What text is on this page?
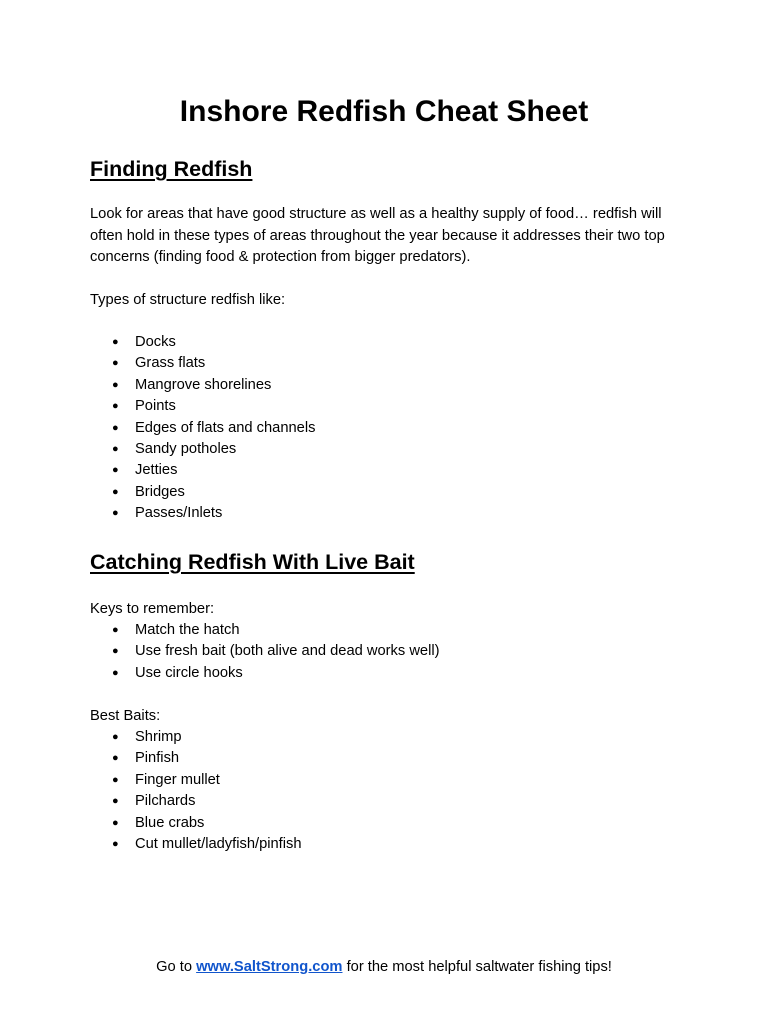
Inshore Redfish Cheat Sheet
Finding Redfish

Look for areas that have good structure as well as a healthy supply of food… redfish will often hold in these types of areas throughout the year because it addresses their two top concerns (finding food & protection from bigger predators).

Types of structure redfish like:

● Docks
● Grass flats
● Mangrove shorelines
● Points
● Edges of flats and channels
● Sandy potholes
● Jetties
● Bridges
● Passes/Inlets
Catching Redfish With Live Bait

Keys to remember:

● Match the hatch
● Use fresh bait (both alive and dead works well)
● Use circle hooks

Best Baits:

● Shrimp
● Pinfish
● Finger mullet
● Pilchards
● Blue crabs
● Cut mullet/ladyfish/pinfish

Go to www.SaltStrong.com for the most helpful saltwater fishing tips!
